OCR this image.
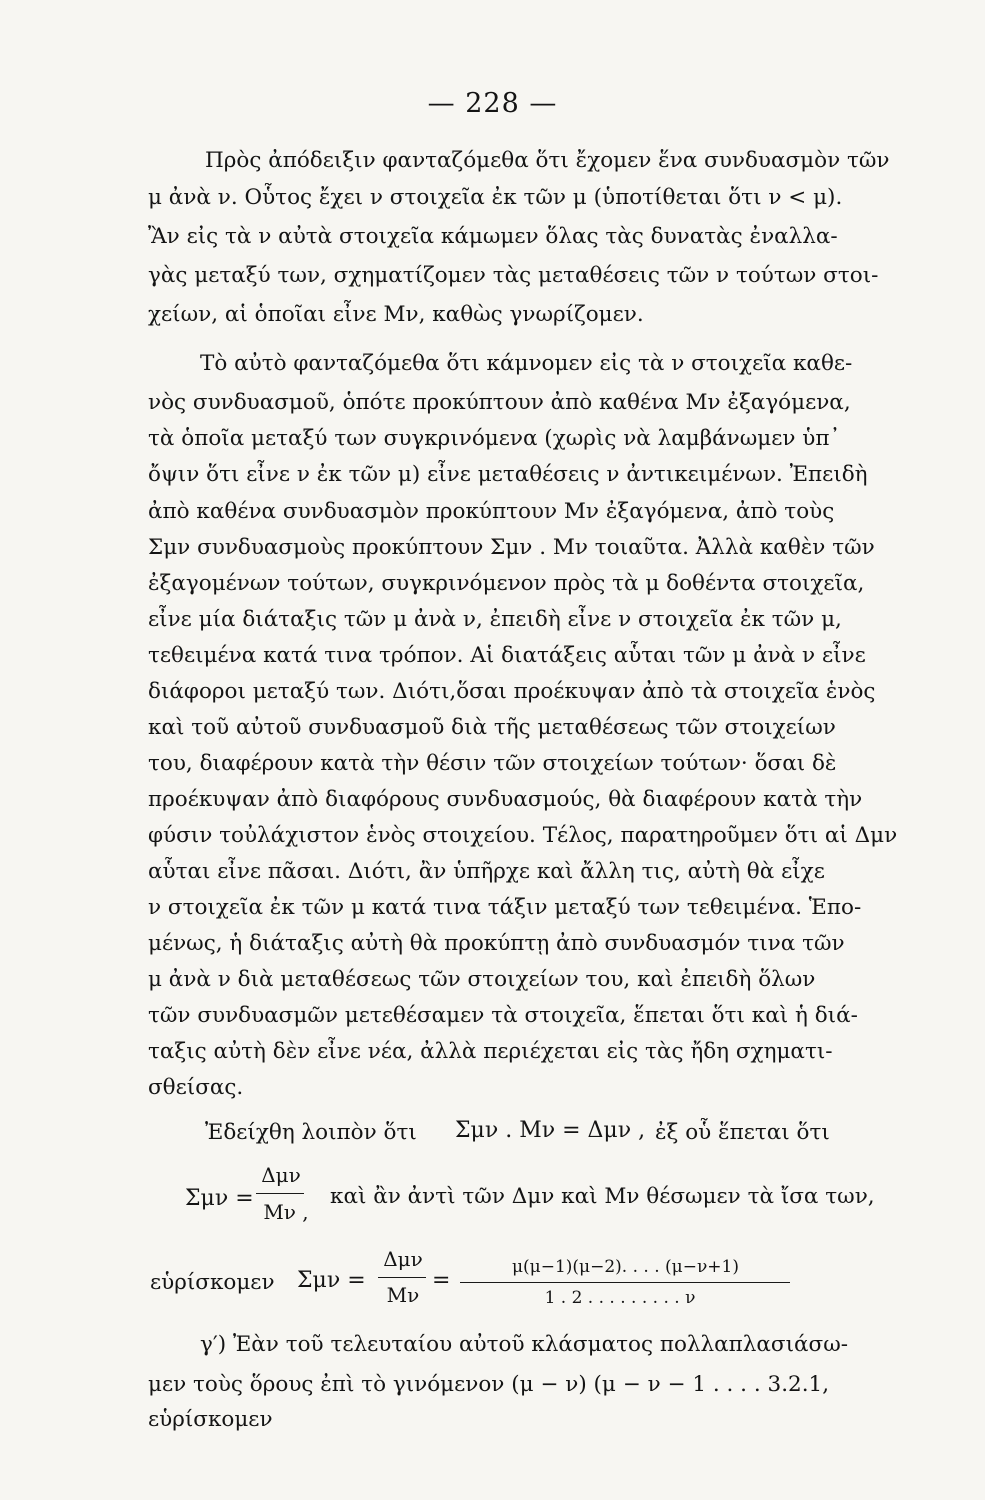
— 228 —
Πρὸς ἀπόδειξιν φανταζόμεθα ὅτι ἔχομεν ἕνα συνδυασμὸν τῶν
μ ἀνὰ ν. Οὗτος ἔχει ν στοιχεῖα ἐκ τῶν μ (ὑποτίθεται ὅτι ν < μ).
Ἂν εἰς τὰ ν αὐτὰ στοιχεῖα κάμωμεν ὅλας τὰς δυνατὰς ἐναλλα-
γὰς μεταξύ των, σχηματίζομεν τὰς μεταθέσεις τῶν ν τούτων στοι-
χείων, αἱ ὁποῖαι εἶνε Mν, καθὼς γνωρίζομεν.
Τὸ αὐτὸ φανταζόμεθα ὅτι κάμνομεν εἰς τὰ ν στοιχεῖα καθε-
νὸς συνδυασμοῦ, ὁπότε προκύπτουν ἀπὸ καθένα Mν ἐξαγόμενα,
τὰ ὁποῖα μεταξύ των συγκρινόμενα (χωρὶς νὰ λαμβάνωμεν ὑπ᾿
ὄψιν ὅτι εἶνε ν ἐκ τῶν μ) εἶνε μεταθέσεις ν ἀντικειμένων. Ἐπειδὴ
ἀπὸ καθένα συνδυασμὸν προκύπτουν Mν ἐξαγόμενα, ἀπὸ τοὺς
Σμν συνδυασμοὺς προκύπτουν Σμν . Mν τοιαῦτα. Ἀλλὰ καθὲν τῶν
ἐξαγομένων τούτων, συγκρινόμενον πρὸς τὰ μ δοθέντα στοιχεῖα,
εἶνε μία διάταξις τῶν μ ἀνὰ ν, ἐπειδὴ εἶνε ν στοιχεῖα ἐκ τῶν μ,
τεθειμένα κατά τινα τρόπον. Αἱ διατάξεις αὗται τῶν μ ἀνὰ ν εἶνε
διάφοροι μεταξύ των. Διότι,ὅσαι προέκυψαν ἀπὸ τὰ στοιχεῖα ἑνὸς
καὶ τοῦ αὐτοῦ συνδυασμοῦ διὰ τῆς μεταθέσεως τῶν στοιχείων
του, διαφέρουν κατὰ τὴν θέσιν τῶν στοιχείων τούτων· ὅσαι δὲ
προέκυψαν ἀπὸ διαφόρους συνδυασμούς, θὰ διαφέρουν κατὰ τὴν
φύσιν τοὐλάχιστον ἑνὸς στοιχείου. Τέλος, παρατηροῦμεν ὅτι αἱ Δμν
αὗται εἶνε πᾶσαι. Διότι, ἂν ὑπῆρχε καὶ ἄλλη τις, αὐτὴ θὰ εἶχε
ν στοιχεῖα ἐκ τῶν μ κατά τινα τάξιν μεταξύ των τεθειμένα. Ἑπο-
μένως, ἡ διάταξις αὐτὴ θὰ προκύπτῃ ἀπὸ συνδυασμόν τινα τῶν
μ ἀνὰ ν διὰ μεταθέσεως τῶν στοιχείων του, καὶ ἐπειδὴ ὅλων
τῶν συνδυασμῶν μετεθέσαμεν τὰ στοιχεῖα, ἕπεται ὅτι καὶ ἡ διά-
ταξις αὐτὴ δὲν εἶνε νέα, ἀλλὰ περιέχεται εἰς τὰς ἤδη σχηματι-
σθείσας.
Ἐδείχθη λοιπὸν ὅτι	Σμν . Mν = Δμν , ἐξ οὗ ἕπεται ὅτι
Σμν =
Δμν
Mν ,
καὶ ἂν ἀντὶ τῶν Δμν καὶ Mν θέσωμεν τὰ ἴσα των,
εὑρίσκομεν	Σμν =
Δμν
Mν
=
μ(μ−1)(μ−2). . . . (μ−ν+1)
1 . 2 . . . . . . . . . ν
γ′) Ἐὰν τοῦ τελευταίου αὐτοῦ κλάσματος πολλαπλασιάσω-
μεν τοὺς ὅρους ἐπὶ τὸ γινόμενον (μ − ν) (μ − ν − 1 . . . . 3.2.1,
εὑρίσκομεν
